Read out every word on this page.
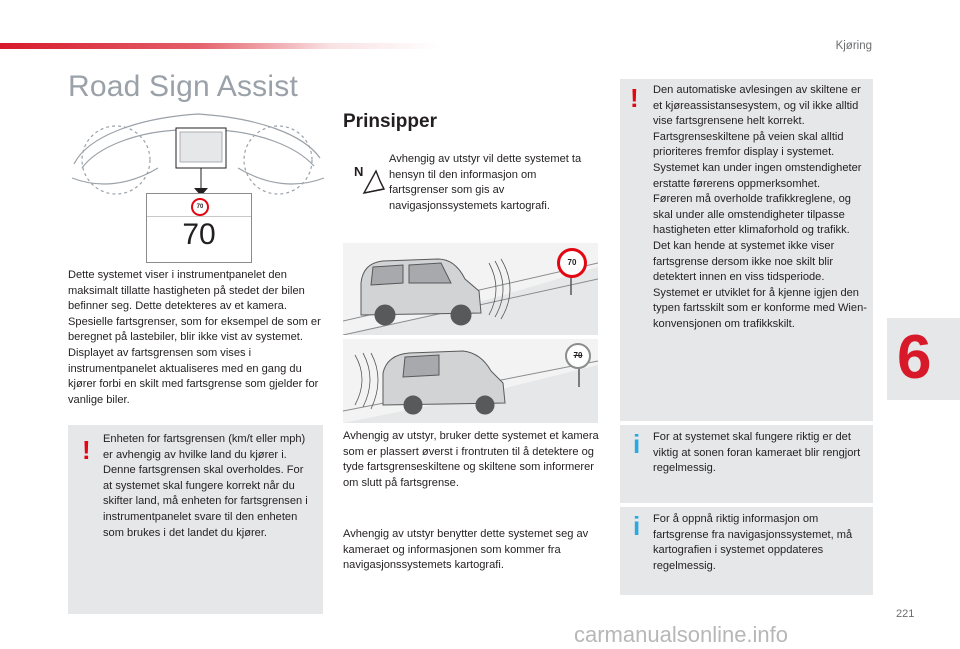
Kjøring
Road Sign Assist
70
70
Dette systemet viser i instrumentpanelet den maksimalt tillatte hastigheten på stedet der bilen befinner seg. Dette detekteres av et kamera. Spesielle fartsgrenser, som for eksempel de som er beregnet på lastebiler, blir ikke vist av systemet.
Displayet av fartsgrensen som vises i instrumentpanelet aktualiseres med en gang du kjører forbi en skilt med fartsgrense som gjelder for vanlige biler.
! Enheten for fartsgrensen (km/t eller mph) er avhengig av hvilke land du kjører i.
Denne fartsgrensen skal overholdes. For at systemet skal fungere korrekt når du skifter land, må enheten for fartsgrensen i instrumentpanelet svare til den enheten som brukes i det landet du kjører.
Prinsipper
N
Avhengig av utstyr vil dette systemet ta hensyn til den informasjon om fartsgrenser som gis av navigasjonssystemets kartografi.
70
70
Avhengig av utstyr, bruker dette systemet et kamera som er plassert øverst i frontruten til å detektere og tyde fartsgrenseskiltene og skiltene som informerer om slutt på fartsgrense.
Avhengig av utstyr benytter dette systemet seg av kameraet og informasjonen som kommer fra navigasjonssystemets kartografi.
! Den automatiske avlesingen av skiltene er et kjøreassistansesystem, og vil ikke alltid vise fartsgrensene helt korrekt.
Fartsgrenseskiltene på veien skal alltid prioriteres fremfor display i systemet. Systemet kan under ingen omstendigheter erstatte førerens oppmerksomhet.
Føreren må overholde trafikkreglene, og skal under alle omstendigheter tilpasse hastigheten etter klimaforhold og trafikk.
Det kan hende at systemet ikke viser fartsgrense dersom ikke noe skilt blir detektert innen en viss tidsperiode.
Systemet er utviklet for å kjenne igjen den typen fartsskilt som er konforme med Wien-konvensjonen om trafikkskilt.
i For at systemet skal fungere riktig er det viktig at sonen foran kameraet blir rengjort regelmessig.
i For å oppnå riktig informasjon om fartsgrense fra navigasjonssystemet, må kartografien i systemet oppdateres regelmessig.
6
221
carmanualsonline.info
